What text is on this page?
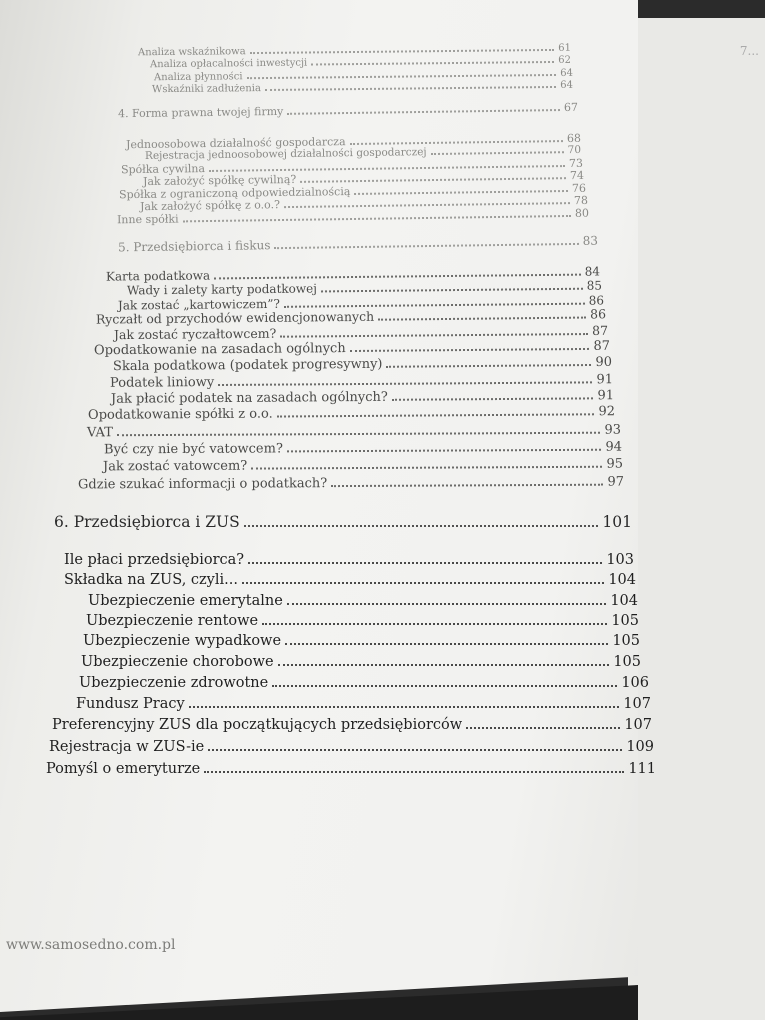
7...
Analiza wskaźnikowa	61
Analiza opłacalności inwestycji	62
Analiza płynności	64
Wskaźniki zadłużenia	64
4. Forma prawna twojej firmy	67
Jednoosobowa działalność gospodarcza	68
Rejestracja jednoosobowej działalności gospodarczej	70
Spółka cywilna	73
Jak założyć spółkę cywilną?	74
Spółka z ograniczoną odpowiedzialnością	76
Jak założyć spółkę z o.o.?	78
Inne spółki	80
5. Przedsiębiorca i fiskus	83
Karta podatkowa	84
Wady i zalety karty podatkowej	85
Jak zostać „kartowiczem”?	86
Ryczałt od przychodów ewidencjonowanych	86
Jak zostać ryczałtowcem?	87
Opodatkowanie na zasadach ogólnych	87
Skala podatkowa (podatek progresywny)	90
Podatek liniowy	91
Jak płacić podatek na zasadach ogólnych?	91
Opodatkowanie spółki z o.o.	92
VAT	93
Być czy nie być vatowcem?	94
Jak zostać vatowcem?	95
Gdzie szukać informacji o podatkach?	97
6. Przedsiębiorca i ZUS	101
Ile płaci przedsiębiorca?	103
Składka na ZUS, czyli...	104
Ubezpieczenie emerytalne	104
Ubezpieczenie rentowe	105
Ubezpieczenie wypadkowe	105
Ubezpieczenie chorobowe	105
Ubezpieczenie zdrowotne	106
Fundusz Pracy	107
Preferencyjny ZUS dla początkujących przedsiębiorców	107
Rejestracja w ZUS-ie	109
Pomyśl o emeryturze	111
www.samosedno.com.pl
